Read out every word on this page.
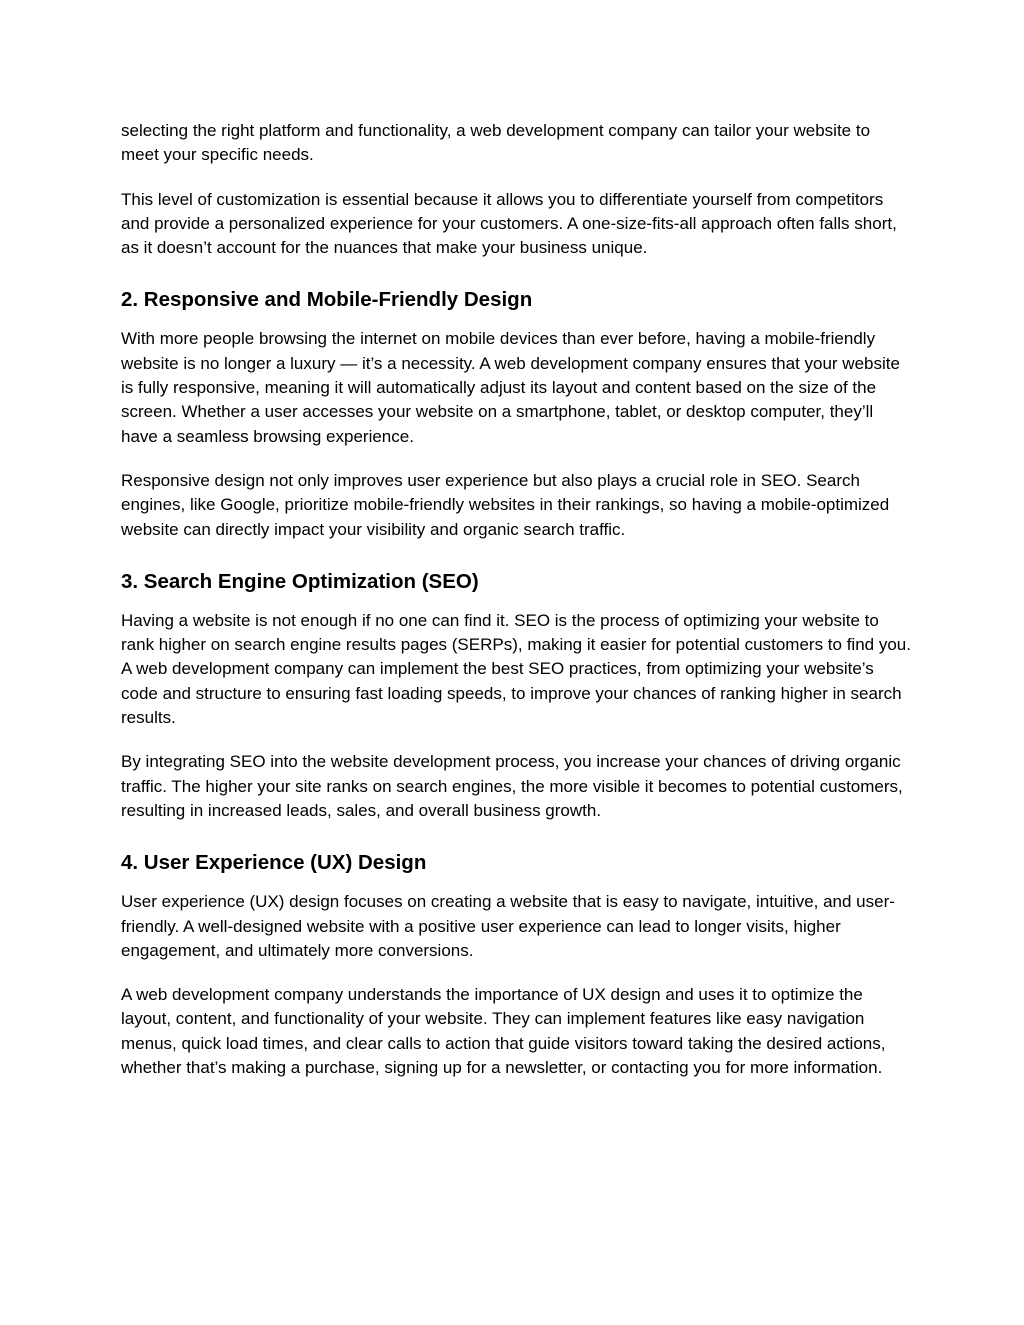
selecting the right platform and functionality, a web development company can tailor your website to meet your specific needs.

This level of customization is essential because it allows you to differentiate yourself from competitors and provide a personalized experience for your customers. A one-size-fits-all approach often falls short, as it doesn’t account for the nuances that make your business unique.

2. Responsive and Mobile-Friendly Design

With more people browsing the internet on mobile devices than ever before, having a mobile-friendly website is no longer a luxury — it’s a necessity. A web development company ensures that your website is fully responsive, meaning it will automatically adjust its layout and content based on the size of the screen. Whether a user accesses your website on a smartphone, tablet, or desktop computer, they’ll have a seamless browsing experience.

Responsive design not only improves user experience but also plays a crucial role in SEO. Search engines, like Google, prioritize mobile-friendly websites in their rankings, so having a mobile-optimized website can directly impact your visibility and organic search traffic.

3. Search Engine Optimization (SEO)

Having a website is not enough if no one can find it. SEO is the process of optimizing your website to rank higher on search engine results pages (SERPs), making it easier for potential customers to find you. A web development company can implement the best SEO practices, from optimizing your website’s code and structure to ensuring fast loading speeds, to improve your chances of ranking higher in search results.

By integrating SEO into the website development process, you increase your chances of driving organic traffic. The higher your site ranks on search engines, the more visible it becomes to potential customers, resulting in increased leads, sales, and overall business growth.

4. User Experience (UX) Design

User experience (UX) design focuses on creating a website that is easy to navigate, intuitive, and user-friendly. A well-designed website with a positive user experience can lead to longer visits, higher engagement, and ultimately more conversions.

A web development company understands the importance of UX design and uses it to optimize the layout, content, and functionality of your website. They can implement features like easy navigation menus, quick load times, and clear calls to action that guide visitors toward taking the desired actions, whether that’s making a purchase, signing up for a newsletter, or contacting you for more information.
